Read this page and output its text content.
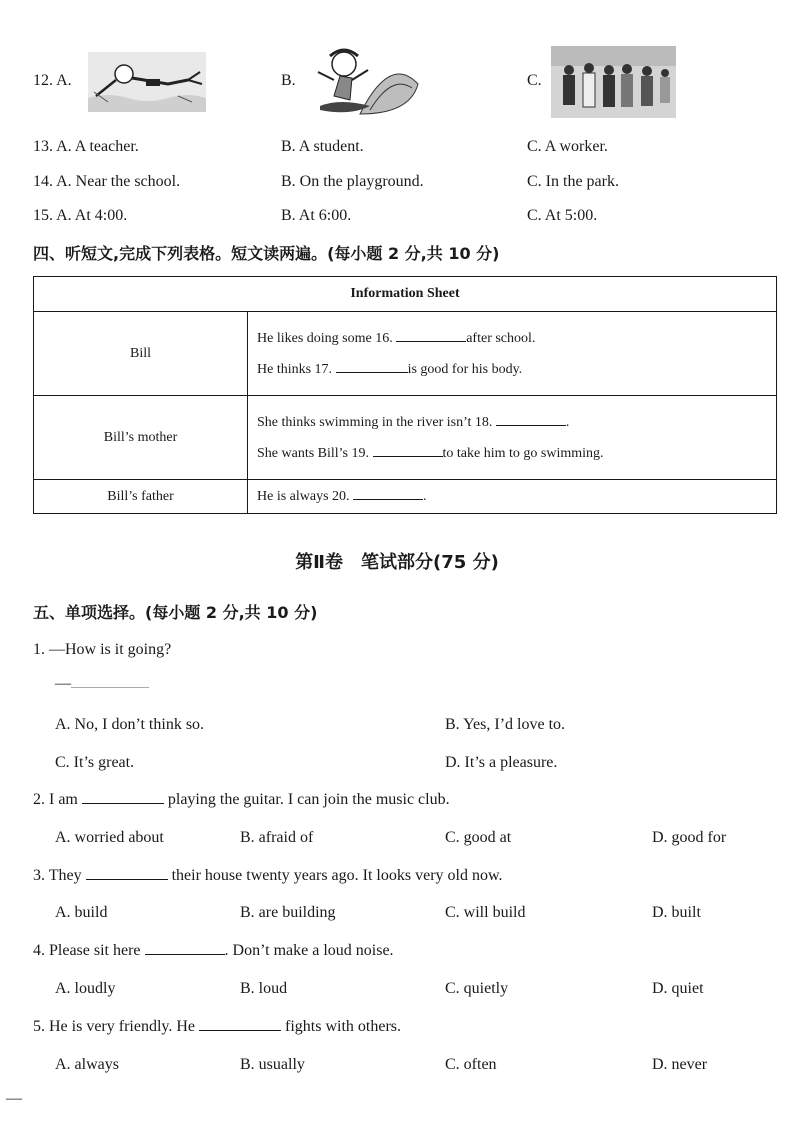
12. A.	B.	C.
13. A. A teacher.	B. A student.	C. A worker.
14. A. Near the school.	B. On the playground.	C. In the park.
15. A. At 4:00.	B. At 6:00.	C. At 5:00.
四、听短文,完成下列表格。短文读两遍。(每小题 2 分,共 10 分)
Information Sheet	
Bill	He likes doing some 16. after school.
He thinks 17. is good for his body.

Bill’s mother	She thinks swimming in the river isn’t 18. .
She wants Bill’s 19. to take him to go swimming.

Bill’s father	He is always 20. .
第Ⅱ卷　笔试部分(75 分)
五、单项选择。(每小题 2 分,共 10 分)
1. —How is it going?
—
A. No, I don’t think so.	B. Yes, I’d love to.
C. It’s great.	D. It’s a pleasure.
2. I am	playing the guitar. I can join the music club.
A. worried about	B. afraid of	C. good at	D. good for
3. They	their house twenty years ago. It looks very old now.
A. build	B. are building	C. will build	D. built
4. Please sit here	. Don’t make a loud noise.
A. loudly	B. loud	C. quietly	D. quiet
5. He is very friendly. He	fights with others.
A. always	B. usually	C. often	D. never
—
